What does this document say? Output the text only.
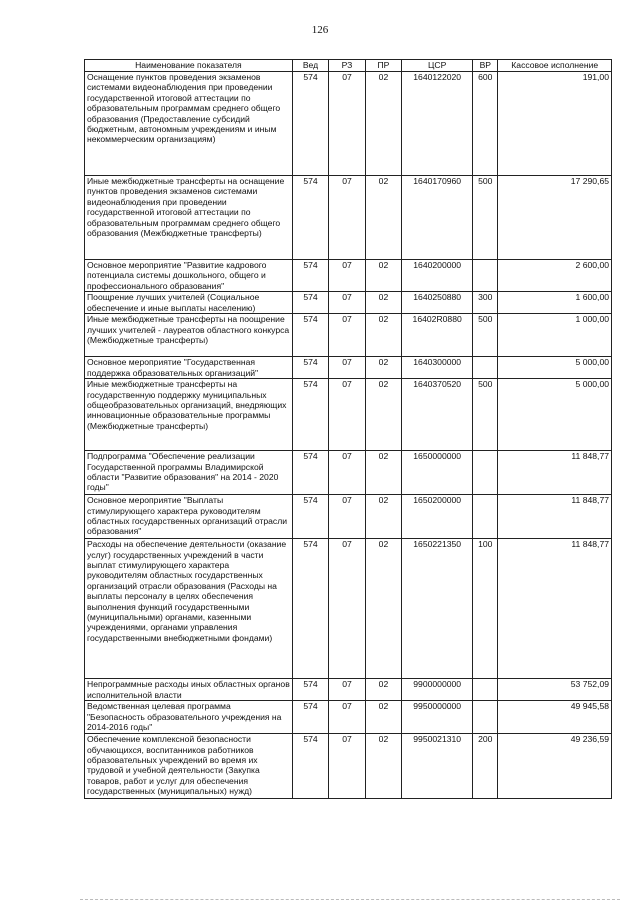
126
Наименование показателя	Вед	РЗ	ПР	ЦСР	ВР	Кассовое исполнение
Оснащение пунктов проведения экзаменов системами видеонаблюдения при проведении государственной итоговой аттестации по образовательным программам среднего общего образования (Предоставление субсидий бюджетным, автономным учреждениям и иным некоммерческим организациям)	574	07	02	1640122020	600	191,00
Иные межбюджетные трансферты на оснащение пунктов проведения экзаменов системами видеонаблюдения при проведении государственной итоговой аттестации по образовательным программам среднего общего образования (Межбюджетные трансферты)	574	07	02	1640170960	500	17 290,65
Основное мероприятие "Развитие кадрового потенциала системы дошкольного, общего и профессионального образования"	574	07	02	1640200000		2 600,00
Поощрение лучших учителей (Социальное обеспечение и иные выплаты населению)	574	07	02	1640250880	300	1 600,00
Иные межбюджетные трансферты на поощрение лучших учителей - лауреатов областного конкурса (Межбюджетные трансферты)	574	07	02	16402R0880	500	1 000,00
Основное мероприятие "Государственная поддержка образовательных организаций"	574	07	02	1640300000		5 000,00
Иные межбюджетные трансферты на государственную поддержку муниципальных общеобразовательных организаций, внедряющих инновационные образовательные программы (Межбюджетные трансферты)	574	07	02	1640370520	500	5 000,00
Подпрограмма "Обеспечение реализации Государственной программы Владимирской области "Развитие образования" на 2014 - 2020 годы"	574	07	02	1650000000		11 848,77
Основное мероприятие "Выплаты стимулирующего характера руководителям областных государственных организаций отрасли образования"	574	07	02	1650200000		11 848,77
Расходы на обеспечение деятельности (оказание услуг) государственных учреждений в части выплат стимулирующего характера руководителям областных государственных организаций отрасли образования (Расходы на выплаты персоналу в целях обеспечения выполнения функций государственными (муниципальными) органами, казенными учреждениями, органами управления государственными внебюджетными фондами)	574	07	02	1650221350	100	11 848,77
Непрограммные расходы иных областных органов исполнительной власти	574	07	02	9900000000		53 752,09
Ведомственная целевая программа "Безопасность образовательного учреждения на 2014-2016 годы"	574	07	02	9950000000		49 945,58
Обеспечение комплексной безопасности обучающихся, воспитанников работников образовательных учреждений во время их трудовой и учебной деятельности (Закупка товаров, работ и услуг для обеспечения государственных (муниципальных) нужд)	574	07	02	9950021310	200	49 236,59
